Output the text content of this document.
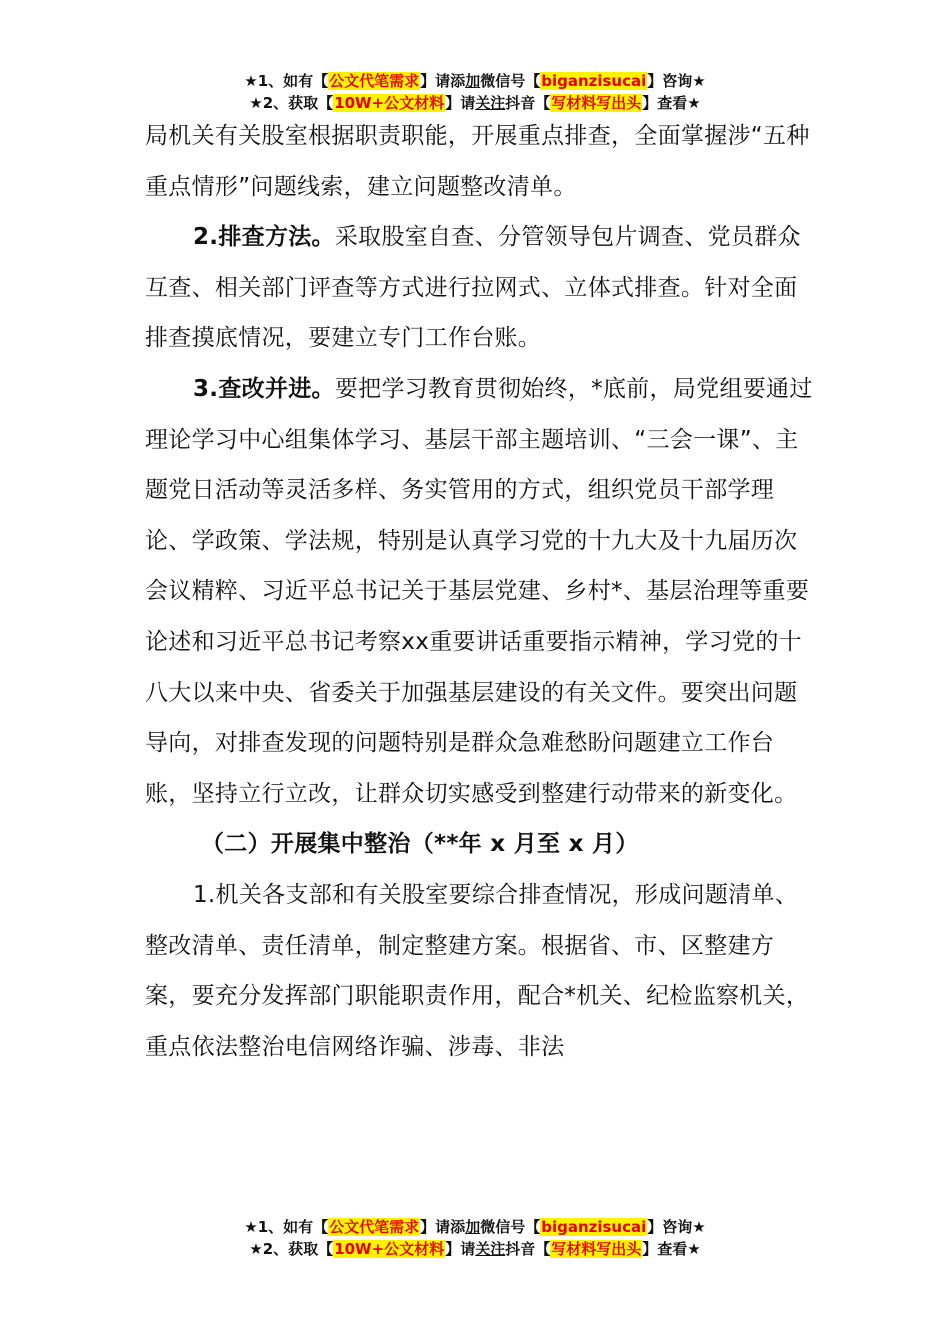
★1、如有【公文代笔需求】请添加微信号【biganzisucai】咨询★
★2、获取【10W+公文材料】请关注抖音【写材料写出头】查看★

局机关有关股室根据职责职能，开展重点排查，全面掌握涉“五种重点情形”问题线索，建立问题整改清单。

2.排查方法。采取股室自查、分管领导包片调查、党员群众互查、相关部门评查等方式进行拉网式、立体式排查。针对全面排查摸底情况，要建立专门工作台账。

3.查改并进。要把学习教育贯彻始终，*底前，局党组要通过理论学习中心组集体学习、基层干部主题培训、“三会一课”、主题党日活动等灵活多样、务实管用的方式，组织党员干部学理论、学政策、学法规，特别是认真学习党的十九大及十九届历次会议精粹、习近平总书记关于基层党建、乡村*、基层治理等重要论述和习近平总书记考察xx重要讲话重要指示精神，学习党的十八大以来中央、省委关于加强基层建设的有关文件。要突出问题导向，对排查发现的问题特别是群众急难愁盼问题建立工作台账，坚持立行立改，让群众切实感受到整建行动带来的新变化。

（二）开展集中整治（**年 x 月至 x 月）

1.机关各支部和有关股室要综合排查情况，形成问题清单、整改清单、责任清单，制定整建方案。根据省、市、区整建方案，要充分发挥部门职能职责作用，配合*机关、纪检监察机关，重点依法整治电信网络诈骗、涉毒、非法

★1、如有【公文代笔需求】请添加微信号【biganzisucai】咨询★
★2、获取【10W+公文材料】请关注抖音【写材料写出头】查看★
